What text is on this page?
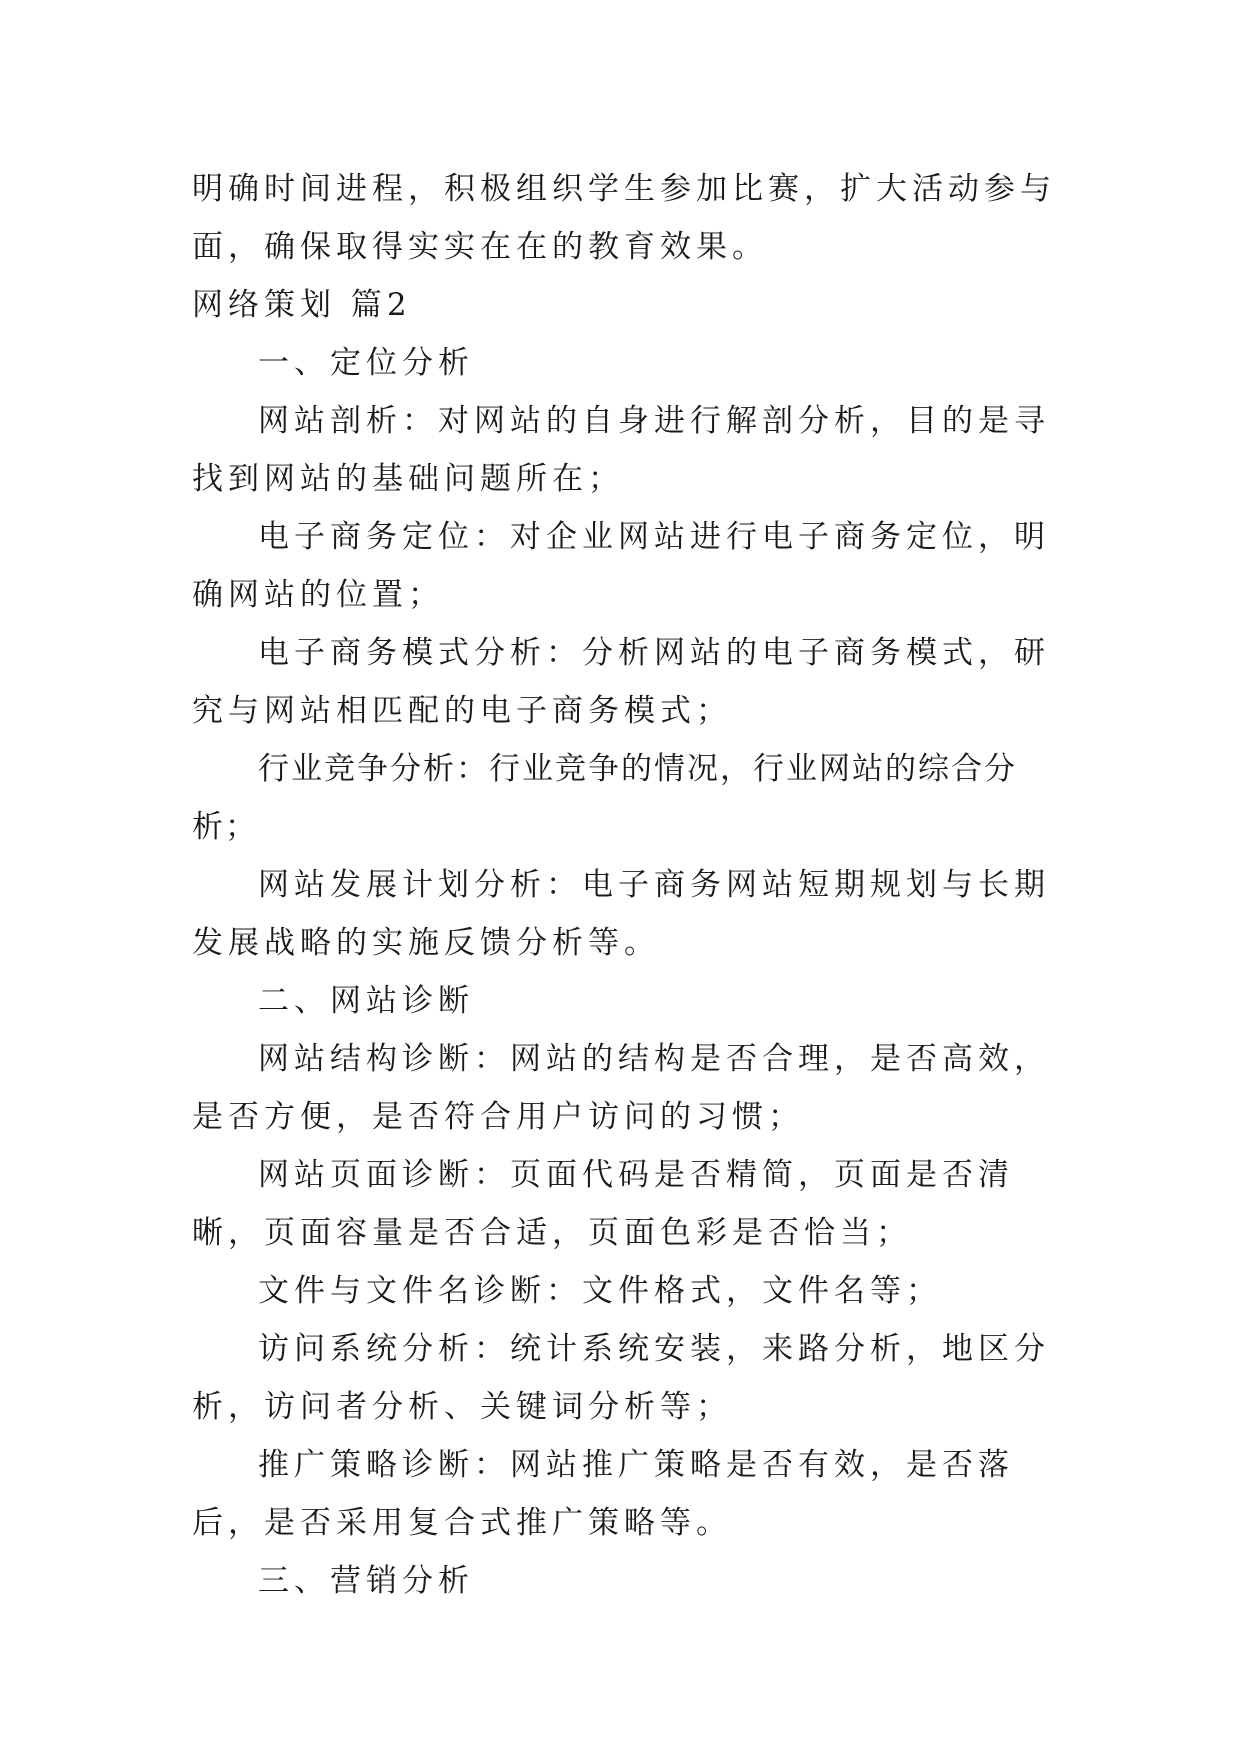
明确时间进程，积极组织学生参加比赛，扩大活动参与面，确保取得实实在在的教育效果。

网络策划 篇2

一、定位分析

网站剖析：对网站的自身进行解剖分析，目的是寻找到网站的基础问题所在；

电子商务定位：对企业网站进行电子商务定位，明确网站的位置；

电子商务模式分析：分析网站的电子商务模式，研究与网站相匹配的电子商务模式；

行业竞争分析：行业竞争的情况，行业网站的综合分析；

网站发展计划分析：电子商务网站短期规划与长期发展战略的实施反馈分析等。

二、网站诊断

网站结构诊断：网站的结构是否合理，是否高效，是否方便，是否符合用户访问的习惯；

网站页面诊断：页面代码是否精简，页面是否清晰，页面容量是否合适，页面色彩是否恰当；

文件与文件名诊断：文件格式，文件名等；

访问系统分析：统计系统安装，来路分析，地区分析，访问者分析、关键词分析等；

推广策略诊断：网站推广策略是否有效，是否落后，是否采用复合式推广策略等。

三、营销分析
